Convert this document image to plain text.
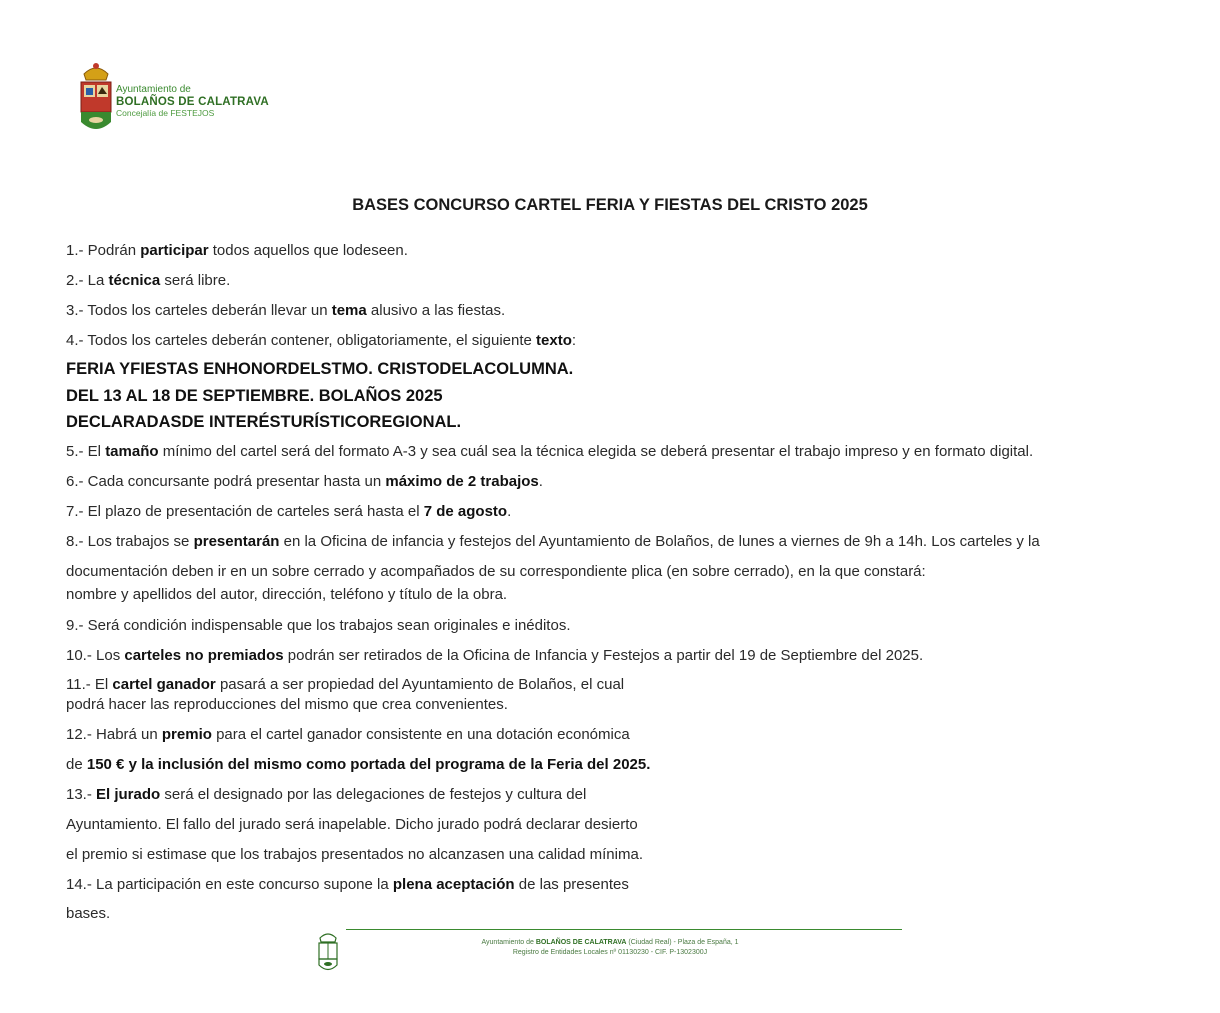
Ayuntamiento de
BOLAÑOS DE CALATRAVA
Concejalía de FESTEJOS
BASES CONCURSO CARTEL FERIA Y FIESTAS DEL CRISTO 2025
1.- Podrán participar todos aquellos que lodeseen.
2.- La técnica será libre.
3.- Todos los carteles deberán llevar un tema alusivo a las fiestas.
4.- Todos los carteles deberán contener, obligatoriamente, el siguiente texto:
FERIA YFIESTAS ENHONORDELSTMO. CRISTODELACOLUMNA.
DEL 13 AL 18 DE SEPTIEMBRE. BOLAÑOS 2025
DECLARADASDE INTERÉSTURÍSTICOREGIONAL.
5.- El tamaño mínimo del cartel será del formato A-3 y sea cuál sea la técnica elegida se deberá presentar el trabajo impreso y en formato digital.
6.- Cada concursante podrá presentar hasta un máximo de 2 trabajos.
7.- El plazo de presentación de carteles será hasta el 7 de agosto.
8.- Los trabajos se presentarán en la Oficina de infancia y festejos del Ayuntamiento de Bolaños, de lunes a viernes de 9h a 14h. Los carteles y la
documentación deben ir en un sobre cerrado y acompañados de su correspondiente plica (en sobre cerrado), en la que constará:
nombre y apellidos del autor, dirección, teléfono y título de la obra.
9.- Será condición indispensable que los trabajos sean originales e inéditos.
10.- Los carteles no premiados podrán ser retirados de la Oficina de Infancia y Festejos a partir del 19 de Septiembre del 2025.
11.- El cartel ganador pasará a ser propiedad del Ayuntamiento de Bolaños, el cual
podrá hacer las reproducciones del mismo que crea convenientes.
12.- Habrá un premio para el cartel ganador consistente en una dotación económica
de 150 € y la inclusión del mismo como portada del programa de la Feria del 2025.
13.- El jurado será el designado por las delegaciones de festejos y cultura del
Ayuntamiento. El fallo del jurado será inapelable. Dicho jurado podrá declarar desierto
el premio si estimase que los trabajos presentados no alcanzasen una calidad mínima.
14.- La participación en este concurso supone la plena aceptación de las presentes
bases.
Ayuntamiento de BOLAÑOS DE CALATRAVA (Ciudad Real) - Plaza de España, 1
Registro de Entidades Locales nº 01130230 - CIF. P-1302300J
